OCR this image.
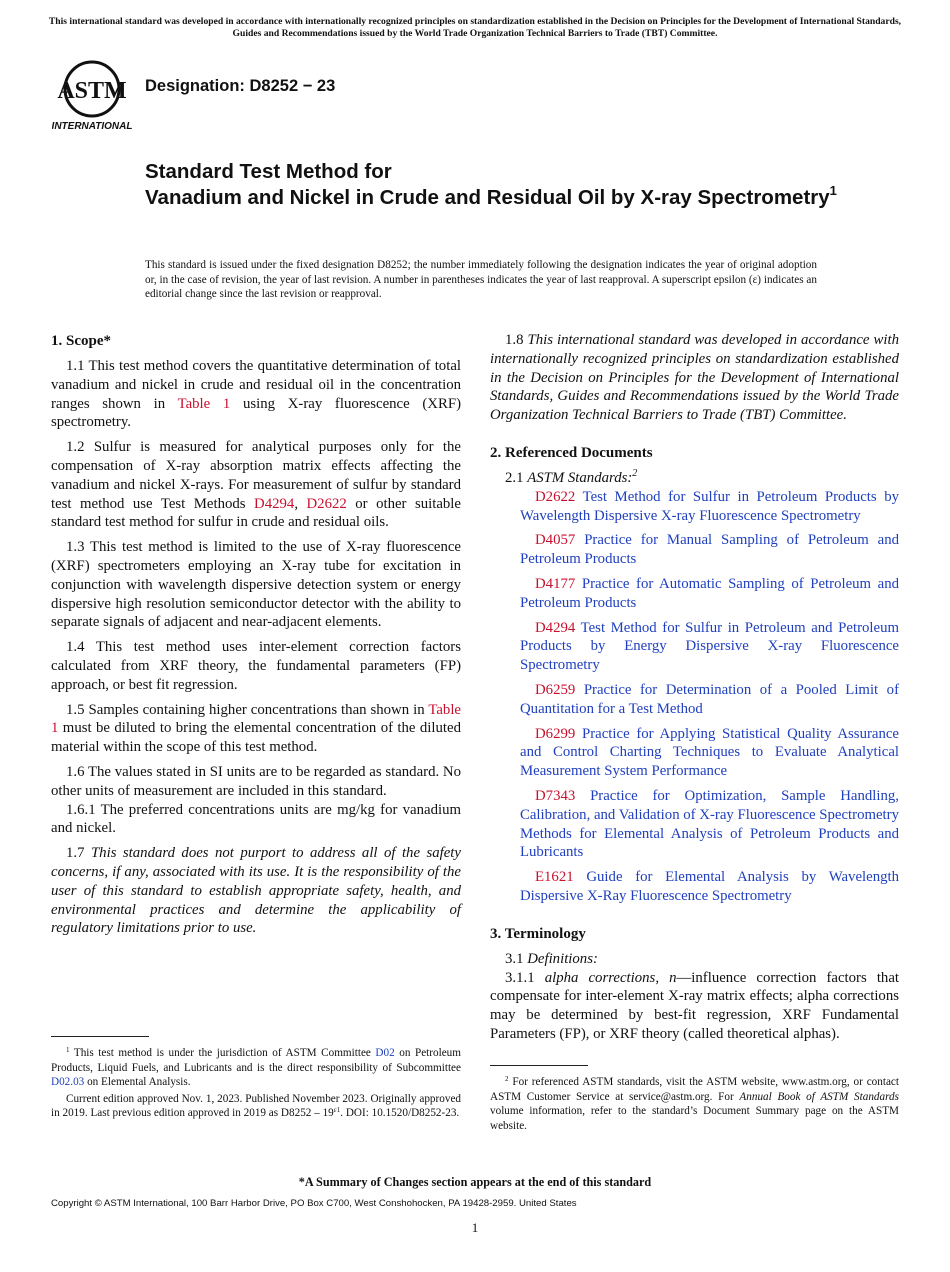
This international standard was developed in accordance with internationally recognized principles on standardization established in the Decision on Principles for the Development of International Standards, Guides and Recommendations issued by the World Trade Organization Technical Barriers to Trade (TBT) Committee.
ASTM
INTERNATIONAL
Designation: D8252 − 23
Standard Test Method for
Vanadium and Nickel in Crude and Residual Oil by X-ray Spectrometry$^1$
This standard is issued under the fixed designation D8252; the number immediately following the designation indicates the year of original adoption or, in the case of revision, the year of last revision. A number in parentheses indicates the year of last reapproval. A superscript epsilon (ε) indicates an editorial change since the last revision or reapproval.
1. Scope*

1.1 This test method covers the quantitative determination of total vanadium and nickel in crude and residual oil in the concentration ranges shown in Table 1 using X-ray fluorescence (XRF) spectrometry.

1.2 Sulfur is measured for analytical purposes only for the compensation of X-ray absorption matrix effects affecting the vanadium and nickel X-rays. For measurement of sulfur by standard test method use Test Methods D4294, D2622 or other suitable standard test method for sulfur in crude and residual oils.

1.3 This test method is limited to the use of X-ray fluorescence (XRF) spectrometers employing an X-ray tube for excitation in conjunction with wavelength dispersive detection system or energy dispersive high resolution semiconductor detector with the ability to separate signals of adjacent and near-adjacent elements.

1.4 This test method uses inter-element correction factors calculated from XRF theory, the fundamental parameters (FP) approach, or best fit regression.

1.5 Samples containing higher concentrations than shown in Table 1 must be diluted to bring the elemental concentration of the diluted material within the scope of this test method.

1.6 The values stated in SI units are to be regarded as standard. No other units of measurement are included in this standard.

1.6.1 The preferred concentrations units are mg/kg for vanadium and nickel.

1.7 This standard does not purport to address all of the safety concerns, if any, associated with its use. It is the responsibility of the user of this standard to establish appropriate safety, health, and environmental practices and determine the applicability of regulatory limitations prior to use.

1.8 This international standard was developed in accordance with internationally recognized principles on standardization established in the Decision on Principles for the Development of International Standards, Guides and Recommendations issued by the World Trade Organization Technical Barriers to Trade (TBT) Committee.

2. Referenced Documents

2.1 ASTM Standards:$^2$

D2622 Test Method for Sulfur in Petroleum Products by Wavelength Dispersive X-ray Fluorescence Spectrometry

D4057 Practice for Manual Sampling of Petroleum and Petroleum Products

D4177 Practice for Automatic Sampling of Petroleum and Petroleum Products

D4294 Test Method for Sulfur in Petroleum and Petroleum Products by Energy Dispersive X-ray Fluorescence Spectrometry

D6259 Practice for Determination of a Pooled Limit of Quantitation for a Test Method

D6299 Practice for Applying Statistical Quality Assurance and Control Charting Techniques to Evaluate Analytical Measurement System Performance

D7343 Practice for Optimization, Sample Handling, Calibration, and Validation of X-ray Fluorescence Spectrometry Methods for Elemental Analysis of Petroleum Products and Lubricants

E1621 Guide for Elemental Analysis by Wavelength Dispersive X-Ray Fluorescence Spectrometry

3. Terminology

3.1 Definitions:

3.1.1 alpha corrections, n—influence correction factors that compensate for inter-element X-ray matrix effects; alpha corrections may be determined by best-fit regression, XRF Fundamental Parameters (FP), or XRF theory (called theoretical alphas).

$^1$ This test method is under the jurisdiction of ASTM Committee D02 on Petroleum Products, Liquid Fuels, and Lubricants and is the direct responsibility of Subcommittee D02.03 on Elemental Analysis.

Current edition approved Nov. 1, 2023. Published November 2023. Originally approved in 2019. Last previous edition approved in 2019 as $D8252 - 19^{\varepsilon 1}$. DOI: 10.1520/D8252-23.

$^2$ For referenced ASTM standards, visit the ASTM website, www.astm.org, or contact ASTM Customer Service at service@astm.org. For Annual Book of ASTM Standards volume information, refer to the standard’s Document Summary page on the ASTM website.

*A Summary of Changes section appears at the end of this standard
Copyright © ASTM International, 100 Barr Harbor Drive, PO Box C700, West Conshohocken, PA 19428-2959. United States
1
